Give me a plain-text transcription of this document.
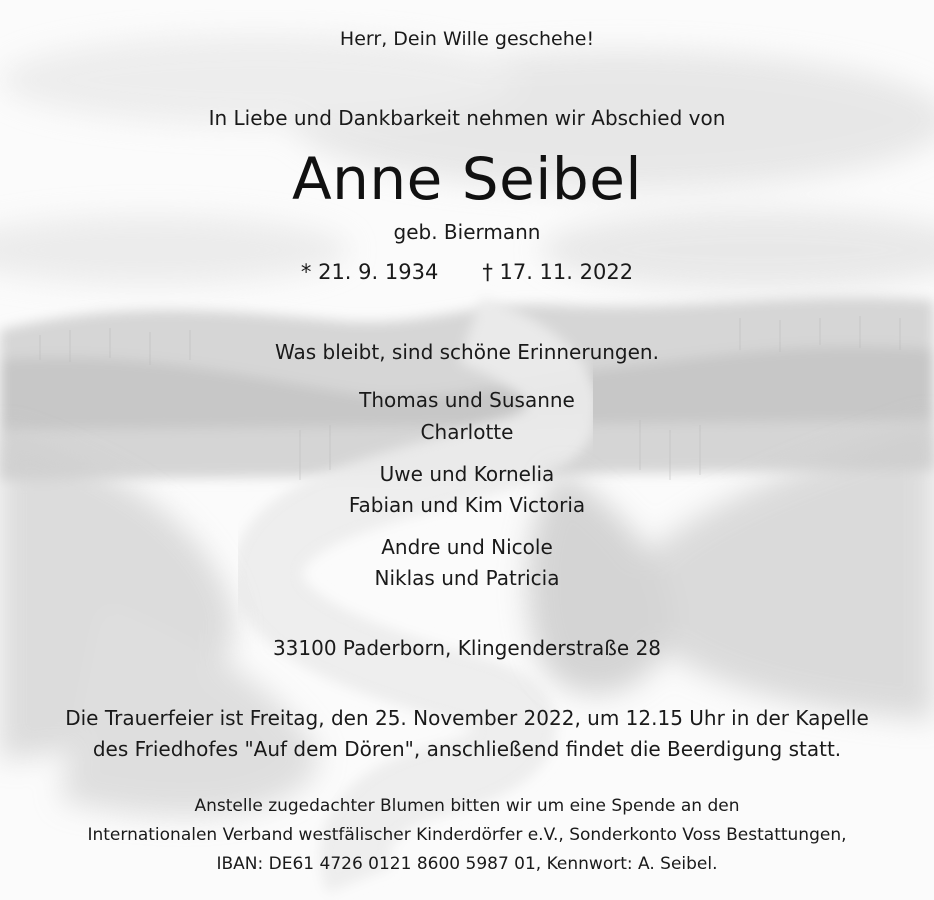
Herr, Dein Wille geschehe!
In Liebe und Dankbarkeit nehmen wir Abschied von
Anne Seibel
geb. Biermann
* 21. 9. 1934 † 17. 11. 2022
Was bleibt, sind schöne Erinnerungen.
Thomas und Susanne
Charlotte
Uwe und Kornelia
Fabian und Kim Victoria
Andre und Nicole
Niklas und Patricia
33100 Paderborn, Klingenderstraße 28
Die Trauerfeier ist Freitag, den 25. November 2022, um 12.15 Uhr in der Kapelle
des Friedhofes "Auf dem Dören", anschließend findet die Beerdigung statt.
Anstelle zugedachter Blumen bitten wir um eine Spende an den
Internationalen Verband westfälischer Kinderdörfer e.V., Sonderkonto Voss Bestattungen,
IBAN: DE61 4726 0121 8600 5987 01, Kennwort: A. Seibel.
